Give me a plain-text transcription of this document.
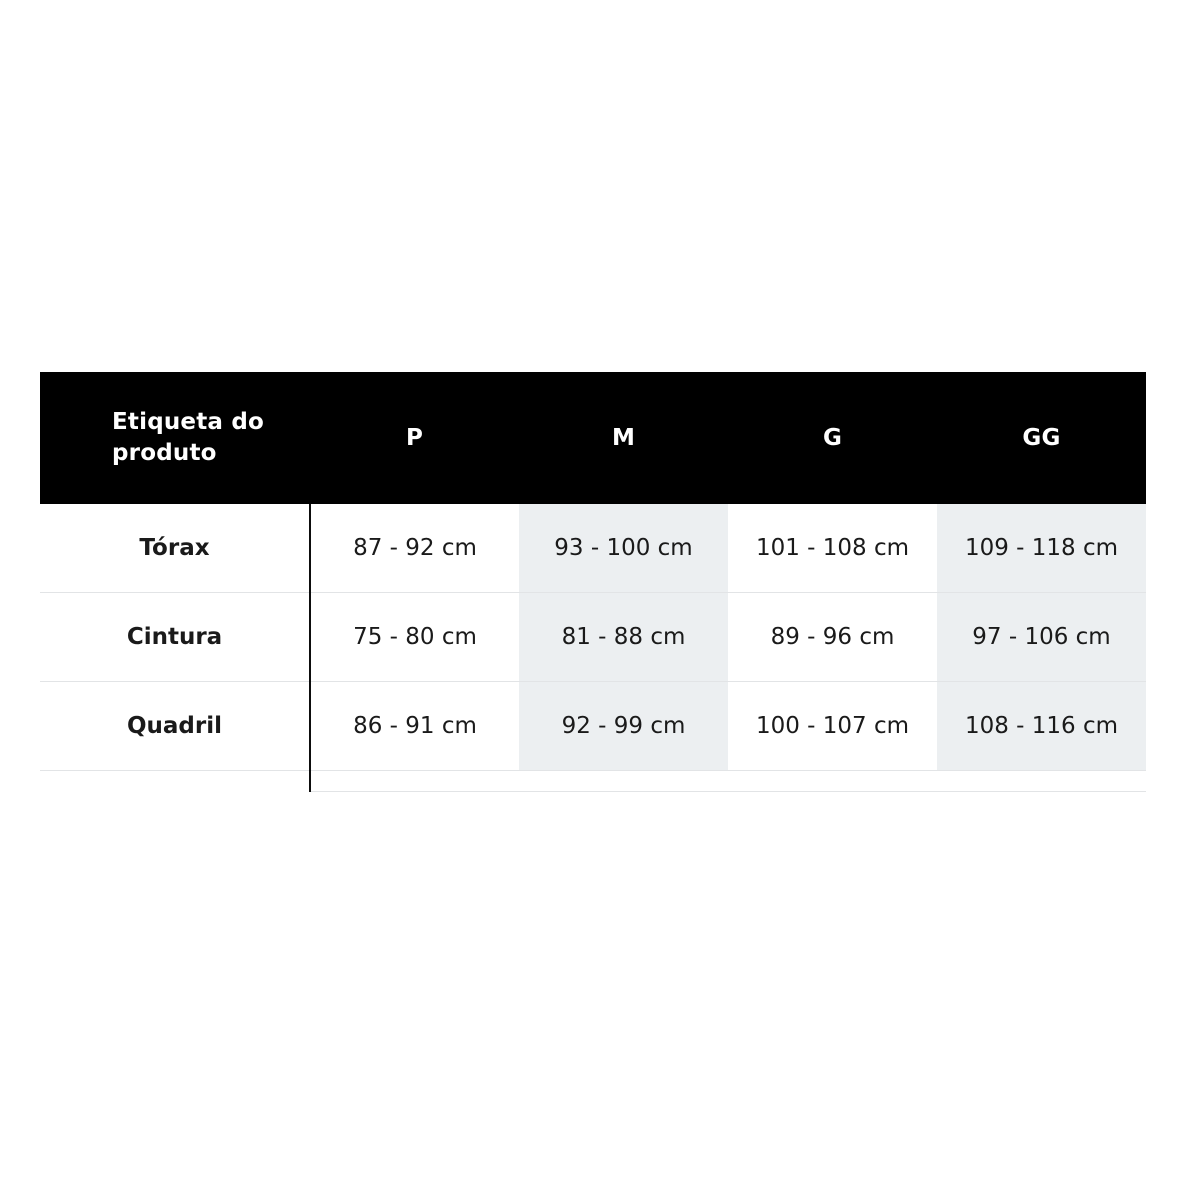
Etiqueta do produto	P	M	G	GG
Tórax	87 - 92 cm	93 - 100 cm	101 - 108 cm	109 - 118 cm
Cintura	75 - 80 cm	81 - 88 cm	89 - 96 cm	97 - 106 cm
Quadril	86 - 91 cm	92 - 99 cm	100 - 107 cm	108 - 116 cm
